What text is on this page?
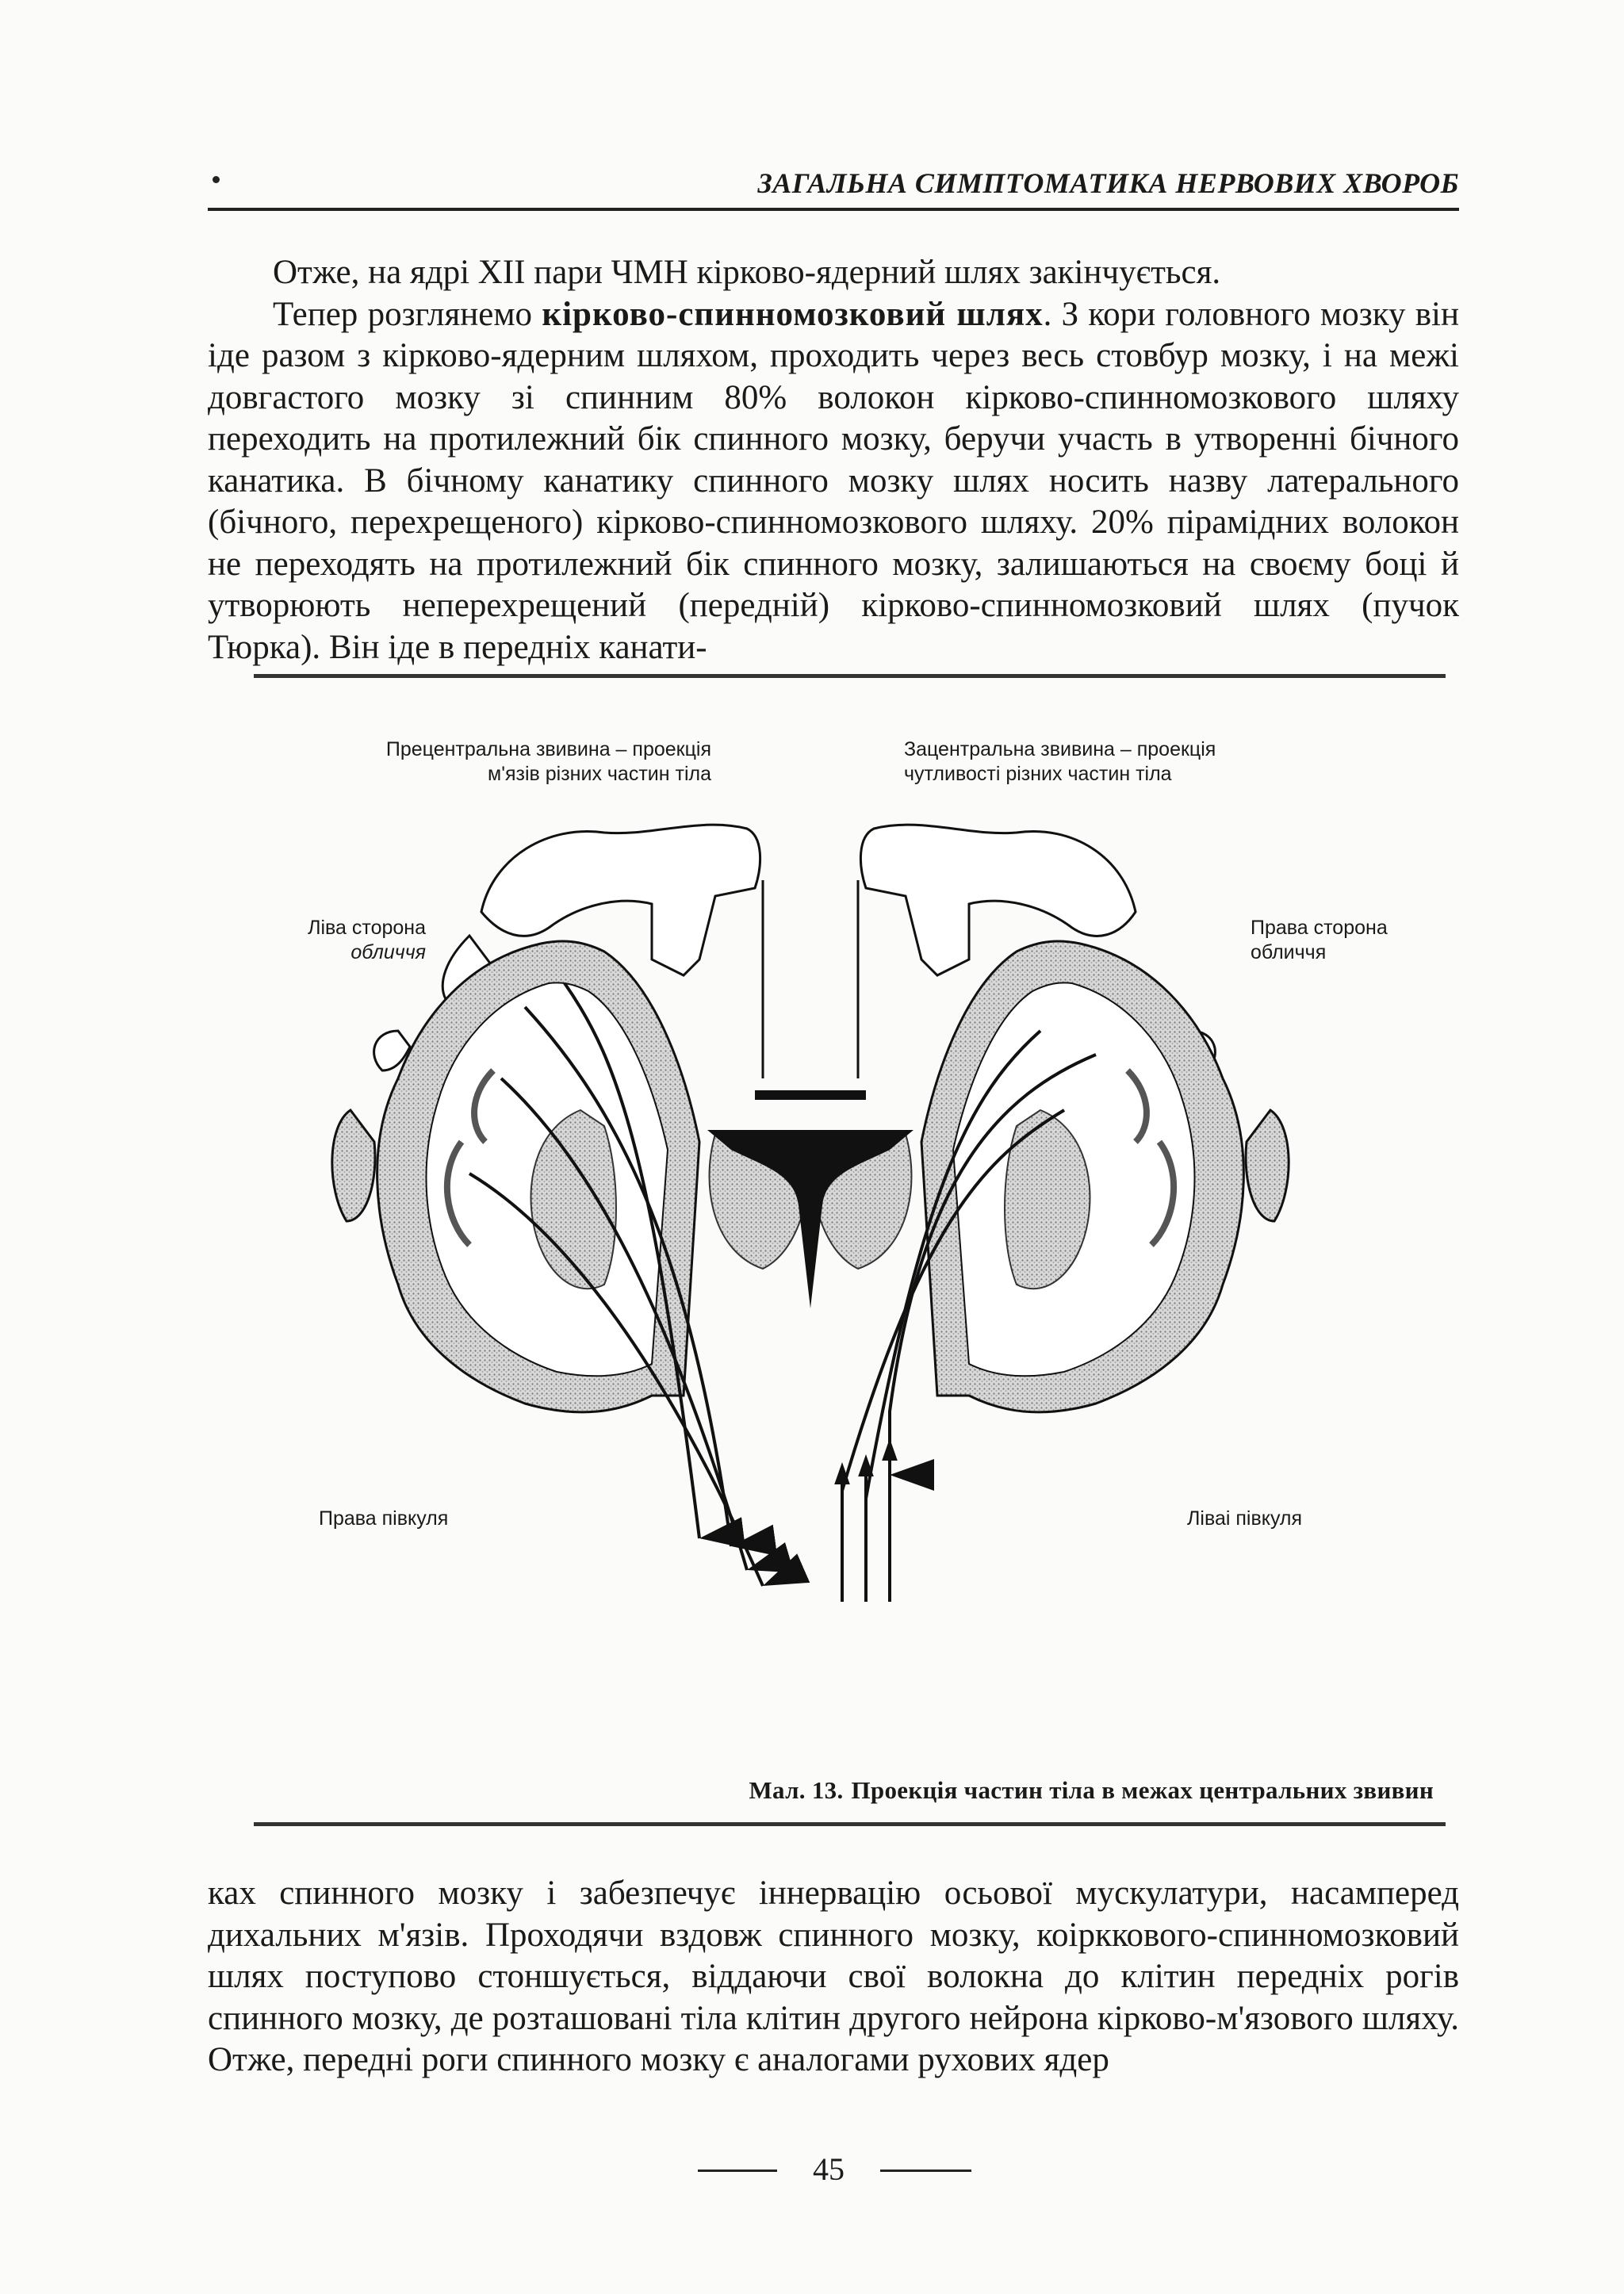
ЗАГАЛЬНА СИМПТОМАТИКА НЕРВОВИХ ХВОРОБ

Отже, на ядрі XII пари ЧМН кірково-ядерний шлях закінчується.

Тепер розглянемо кірково-спинномозковий шлях. З кори головного мозку він іде разом з кірково-ядерним шляхом, проходить через весь стовбур мозку, і на межі довгастого мозку зі спинним 80% волокон кірково-спинномозкового шляху переходить на протилежний бік спинного мозку, беручи участь в утворенні бічного канатика. В бічному канатику спинного мозку шлях носить назву латерального (бічного, перехрещеного) кірково-спинномозкового шляху. 20% пірамідних волокон не переходять на протилежний бік спинного мозку, залишаються на своєму боці й утворюють неперехрещений (передній) кірково-спинномозковий шлях (пучок Тюрка). Він іде в передніх канати-

Прецентральна звивина – проекція
м'язів різних частин тіла
Зацентральна звивина – проекція
чутливості різних частин тіла
Ліва сторона
обличчя
Права сторона
обличчя
Права півкуля	Ліваі півкуля
Мал. 13. Проекція частин тіла в межах центральних звивин

ках спинного мозку і забезпечує іннервацію осьової мускулатури, насамперед дихальних м'язів. Проходячи вздовж спинного мозку, коірккового-спинномозковий шлях поступово стоншується, віддаючи свої волокна до клітин передніх рогів спинного мозку, де розташовані тіла клітин другого нейрона кірково-м'язового шляху. Отже, передні роги спинного мозку є аналогами рухових ядер

45
